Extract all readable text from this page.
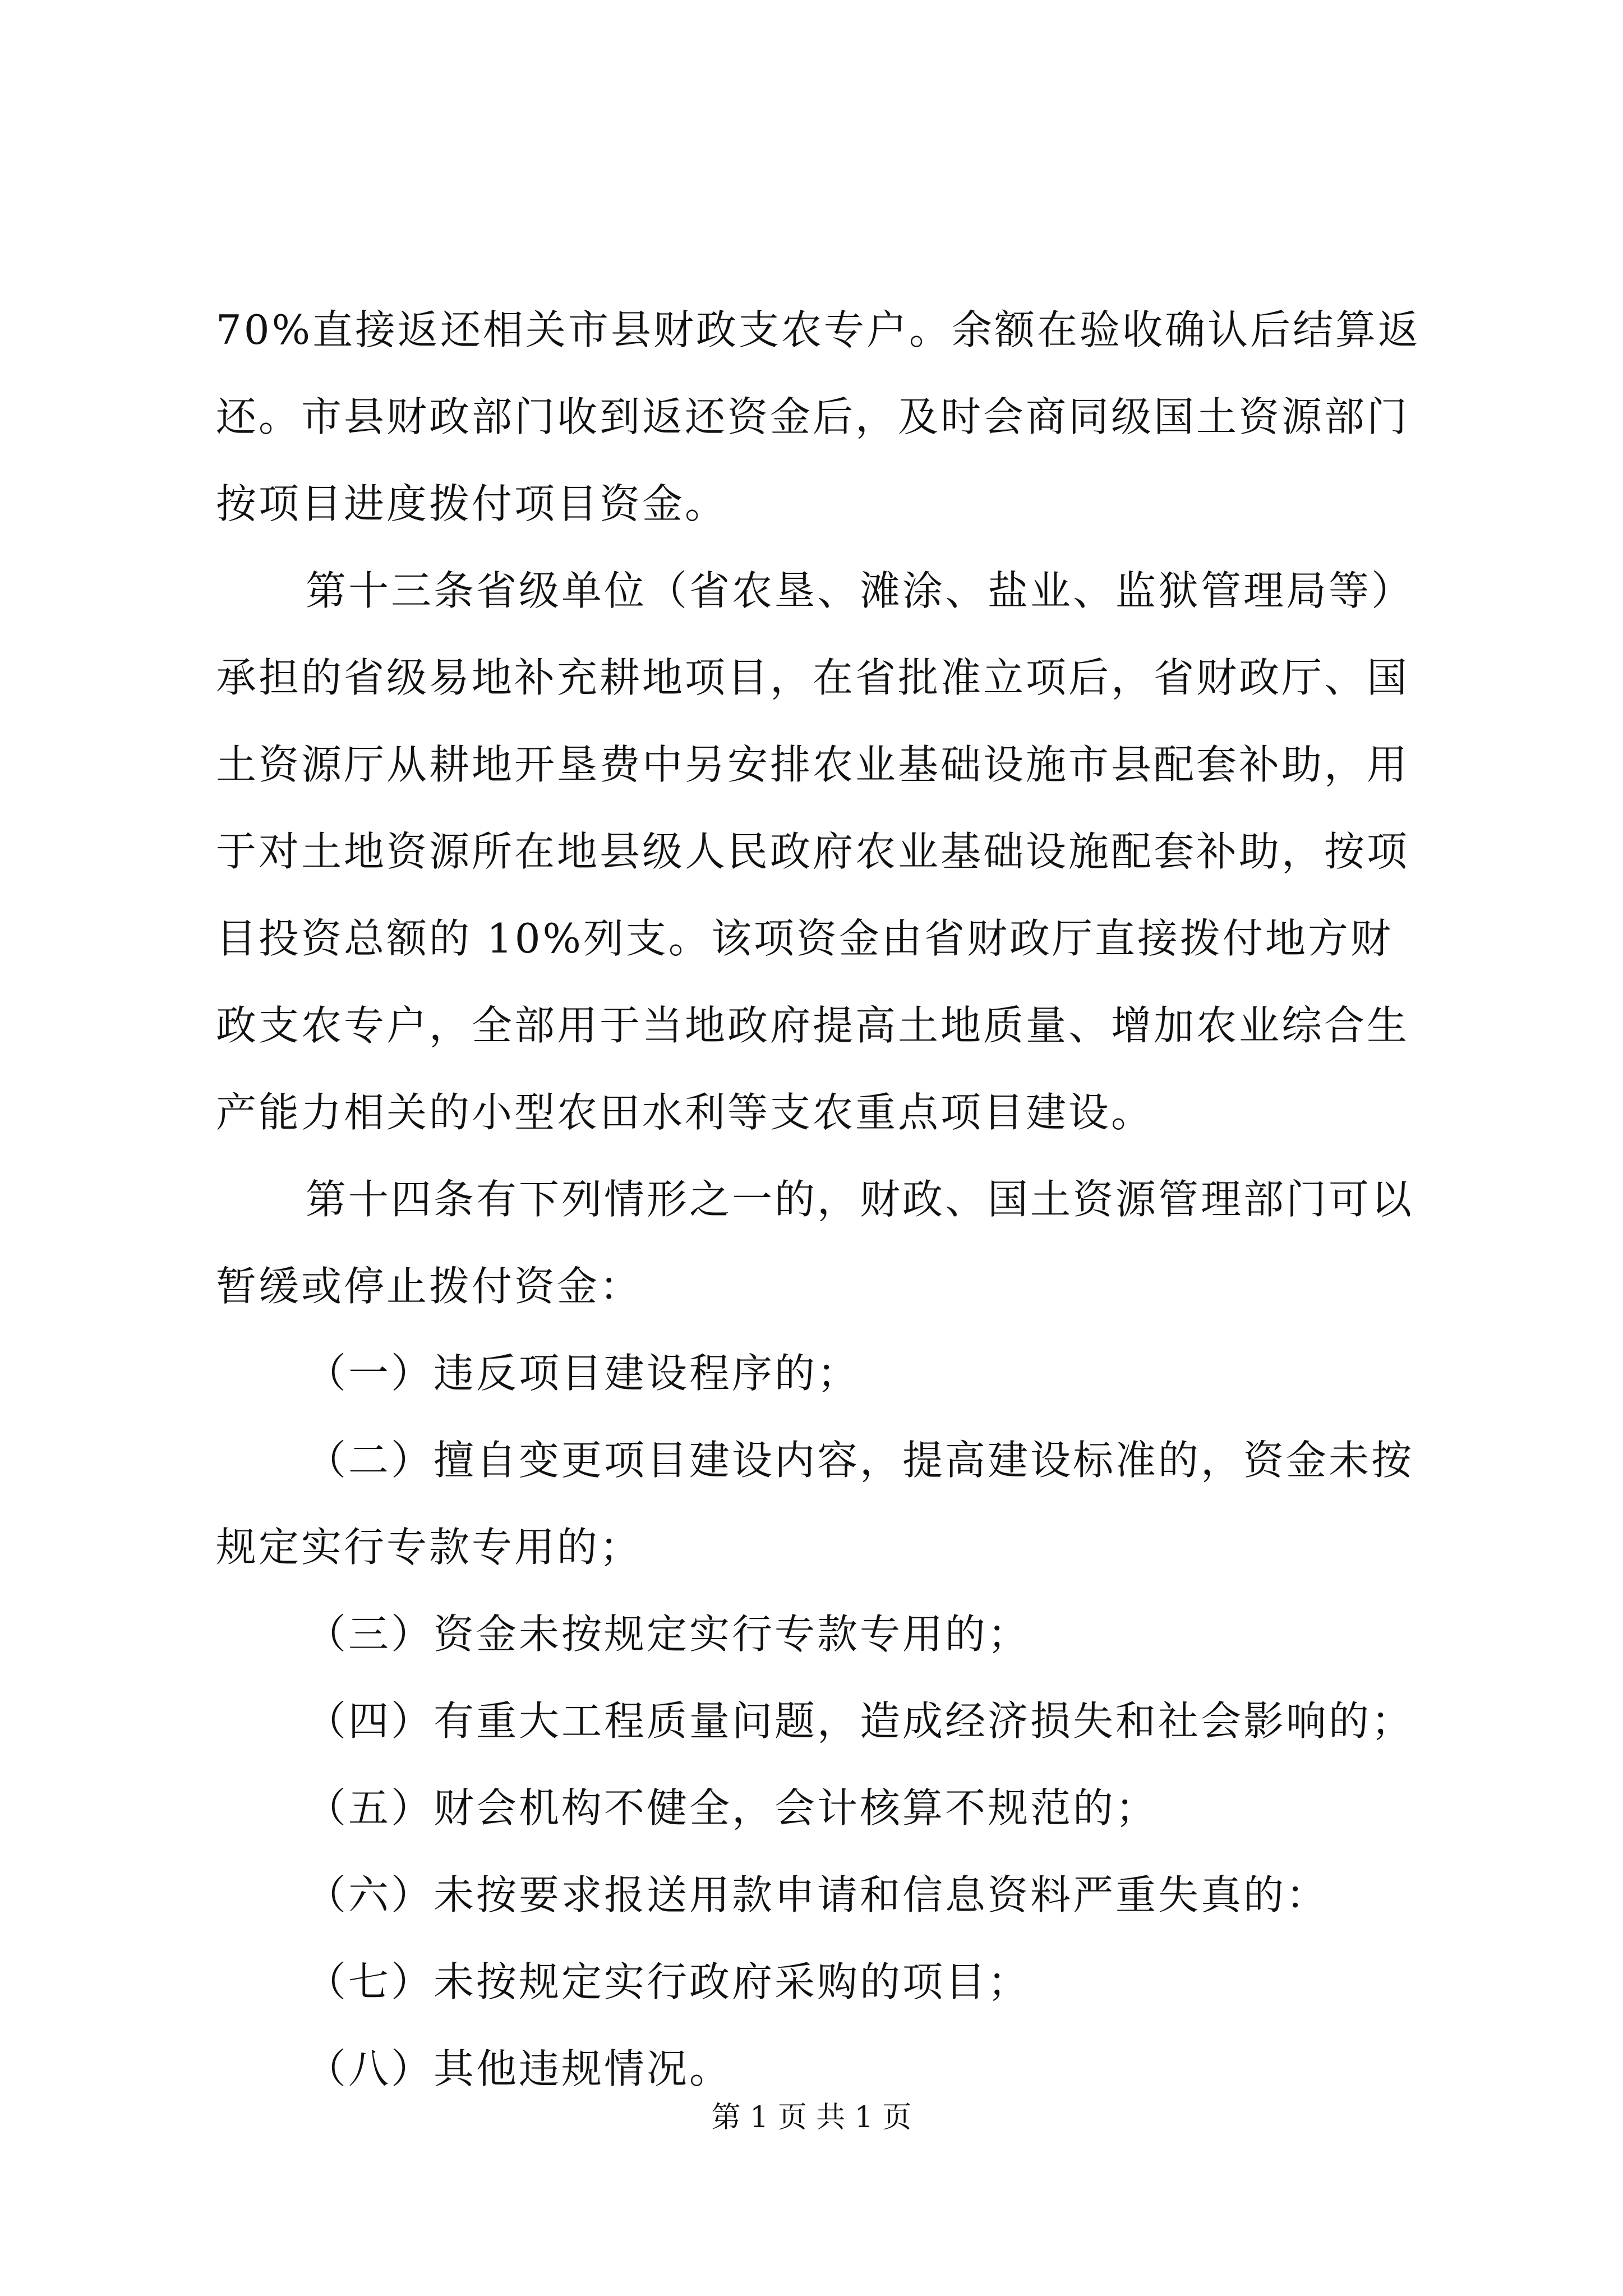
70%直接返还相关市县财政支农专户。余额在验收确认后结算返
还。市县财政部门收到返还资金后，及时会商同级国土资源部门
按项目进度拨付项目资金。
第十三条省级单位（省农垦、滩涂、盐业、监狱管理局等）
承担的省级易地补充耕地项目，在省批准立项后，省财政厅、国
土资源厅从耕地开垦费中另安排农业基础设施市县配套补助，用
于对土地资源所在地县级人民政府农业基础设施配套补助，按项
目投资总额的 10%列支。该项资金由省财政厅直接拨付地方财
政支农专户，全部用于当地政府提高土地质量、增加农业综合生
产能力相关的小型农田水利等支农重点项目建设。
第十四条有下列情形之一的，财政、国土资源管理部门可以
暂缓或停止拨付资金：
（一）违反项目建设程序的；
（二）擅自变更项目建设内容，提高建设标准的，资金未按
规定实行专款专用的；
（三）资金未按规定实行专款专用的；
（四）有重大工程质量问题，造成经济损失和社会影响的；
（五）财会机构不健全，会计核算不规范的；
（六）未按要求报送用款申请和信息资料严重失真的：
（七）未按规定实行政府采购的项目；
（八）其他违规情况。
第 1 页 共 1 页
